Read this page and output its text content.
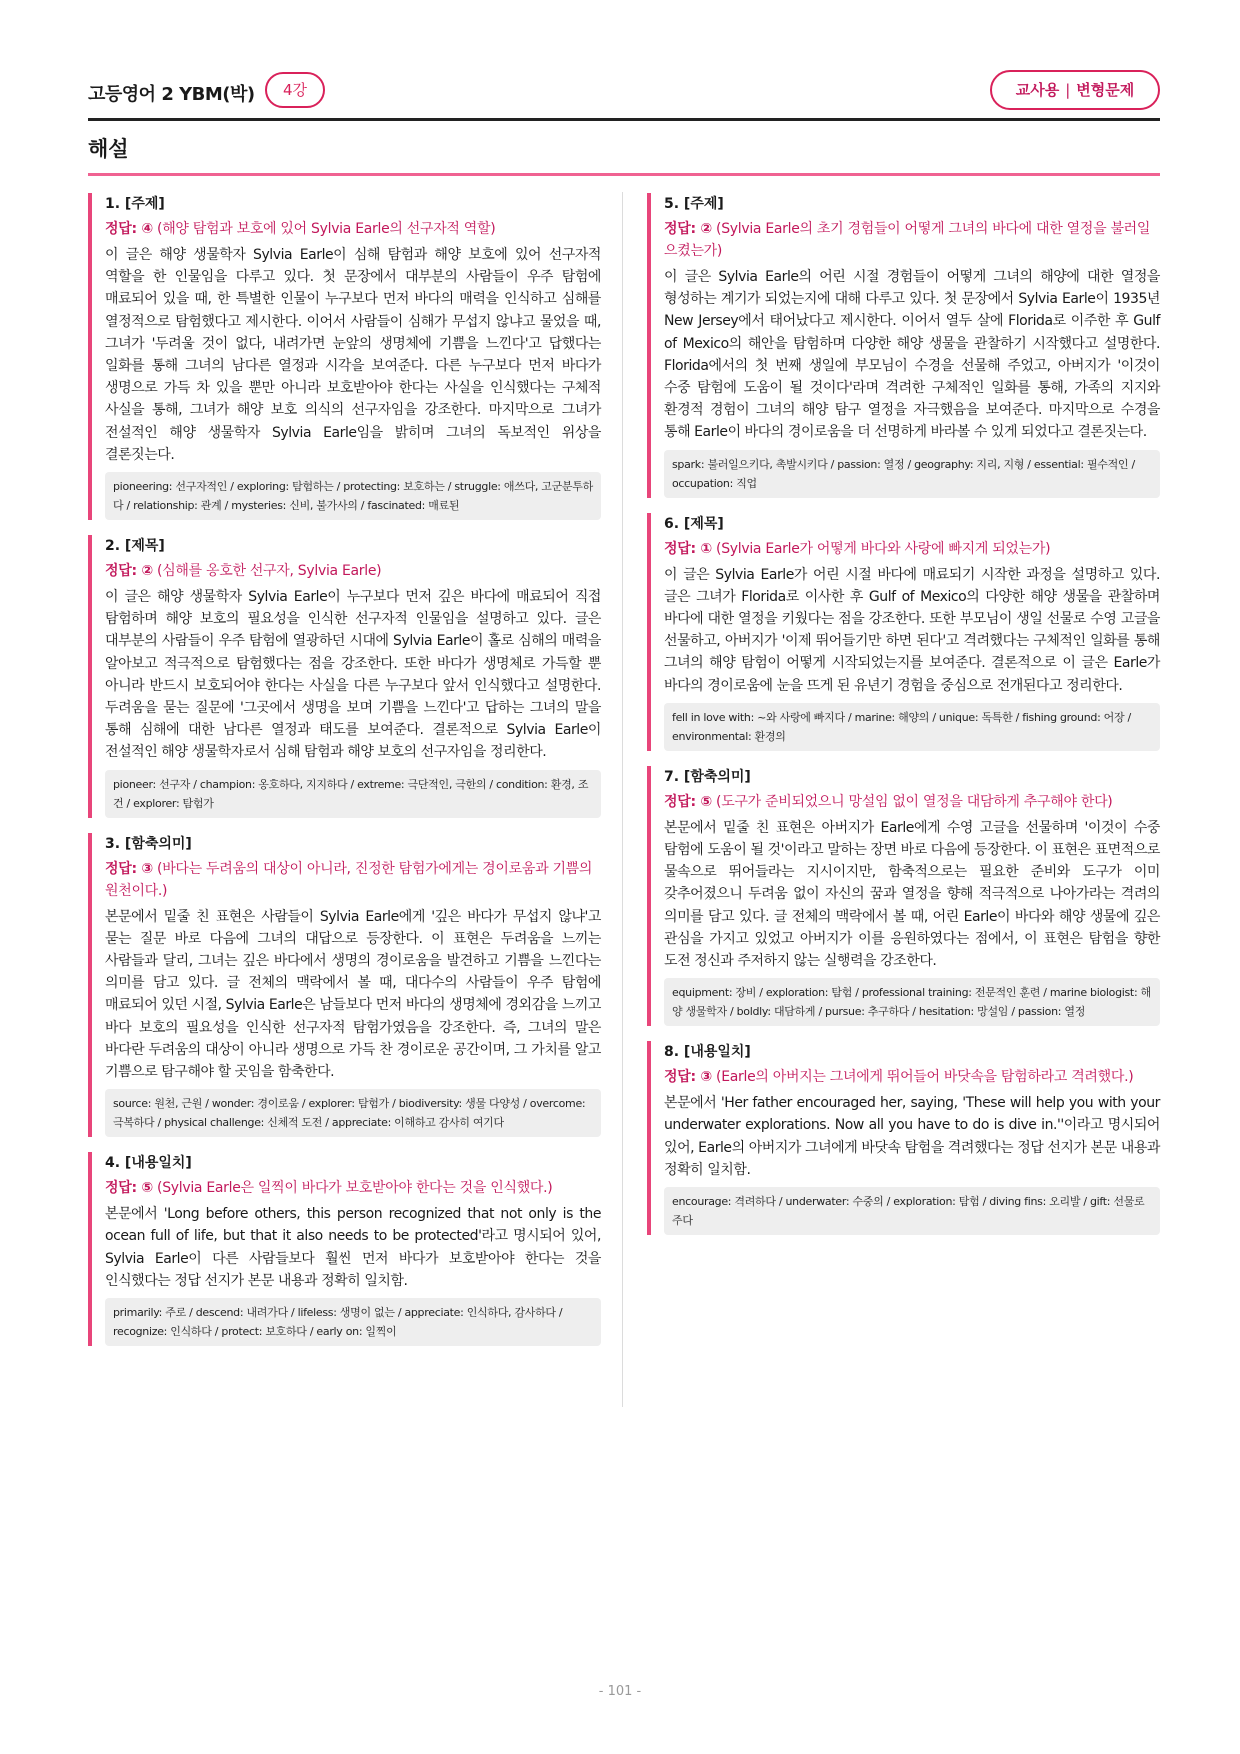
고등영어 2 YBM(박)	4강	교사용 | 변형문제
해설
1. [주제]
정답: ④ (해양 탐험과 보호에 있어 Sylvia Earle의 선구자적 역할)
이 글은 해양 생물학자 Sylvia Earle이 심해 탐험과 해양 보호에 있어 선구자적 역할을 한 인물임을 다루고 있다. 첫 문장에서 대부분의 사람들이 우주 탐험에 매료되어 있을 때, 한 특별한 인물이 누구보다 먼저 바다의 매력을 인식하고 심해를 열정적으로 탐험했다고 제시한다. 이어서 사람들이 심해가 무섭지 않냐고 물었을 때, 그녀가 '두려울 것이 없다, 내려가면 눈앞의 생명체에 기쁨을 느낀다'고 답했다는 일화를 통해 그녀의 남다른 열정과 시각을 보여준다. 다른 누구보다 먼저 바다가 생명으로 가득 차 있을 뿐만 아니라 보호받아야 한다는 사실을 인식했다는 구체적 사실을 통해, 그녀가 해양 보호 의식의 선구자임을 강조한다. 마지막으로 그녀가 전설적인 해양 생물학자 Sylvia Earle임을 밝히며 그녀의 독보적인 위상을 결론짓는다.
pioneering: 선구자적인 / exploring: 탐험하는 / protecting: 보호하는 / struggle: 애쓰다, 고군분투하다 / relationship: 관계 / mysteries: 신비, 불가사의 / fascinated: 매료된
2. [제목]
정답: ② (심해를 옹호한 선구자, Sylvia Earle)
이 글은 해양 생물학자 Sylvia Earle이 누구보다 먼저 깊은 바다에 매료되어 직접 탐험하며 해양 보호의 필요성을 인식한 선구자적 인물임을 설명하고 있다. 글은 대부분의 사람들이 우주 탐험에 열광하던 시대에 Sylvia Earle이 홀로 심해의 매력을 알아보고 적극적으로 탐험했다는 점을 강조한다. 또한 바다가 생명체로 가득할 뿐 아니라 반드시 보호되어야 한다는 사실을 다른 누구보다 앞서 인식했다고 설명한다. 두려움을 묻는 질문에 '그곳에서 생명을 보며 기쁨을 느낀다'고 답하는 그녀의 말을 통해 심해에 대한 남다른 열정과 태도를 보여준다. 결론적으로 Sylvia Earle이 전설적인 해양 생물학자로서 심해 탐험과 해양 보호의 선구자임을 정리한다.
pioneer: 선구자 / champion: 옹호하다, 지지하다 / extreme: 극단적인, 극한의 / condition: 환경, 조건 / explorer: 탐험가
3. [함축의미]
정답: ③ (바다는 두려움의 대상이 아니라, 진정한 탐험가에게는 경이로움과 기쁨의 원천이다.)
본문에서 밑줄 친 표현은 사람들이 Sylvia Earle에게 '깊은 바다가 무섭지 않냐'고 묻는 질문 바로 다음에 그녀의 대답으로 등장한다. 이 표현은 두려움을 느끼는 사람들과 달리, 그녀는 깊은 바다에서 생명의 경이로움을 발견하고 기쁨을 느낀다는 의미를 담고 있다. 글 전체의 맥락에서 볼 때, 대다수의 사람들이 우주 탐험에 매료되어 있던 시절, Sylvia Earle은 남들보다 먼저 바다의 생명체에 경외감을 느끼고 바다 보호의 필요성을 인식한 선구자적 탐험가였음을 강조한다. 즉, 그녀의 말은 바다란 두려움의 대상이 아니라 생명으로 가득 찬 경이로운 공간이며, 그 가치를 알고 기쁨으로 탐구해야 할 곳임을 함축한다.
source: 원천, 근원 / wonder: 경이로움 / explorer: 탐험가 / biodiversity: 생물 다양성 / overcome: 극복하다 / physical challenge: 신체적 도전 / appreciate: 이해하고 감사히 여기다
4. [내용일치]
정답: ⑤ (Sylvia Earle은 일찍이 바다가 보호받아야 한다는 것을 인식했다.)
본문에서 'Long before others, this person recognized that not only is the ocean full of life, but that it also needs to be protected'라고 명시되어 있어, Sylvia Earle이 다른 사람들보다 훨씬 먼저 바다가 보호받아야 한다는 것을 인식했다는 정답 선지가 본문 내용과 정확히 일치함.
primarily: 주로 / descend: 내려가다 / lifeless: 생명이 없는 / appreciate: 인식하다, 감사하다 / recognize: 인식하다 / protect: 보호하다 / early on: 일찍이
5. [주제]
정답: ② (Sylvia Earle의 초기 경험들이 어떻게 그녀의 바다에 대한 열정을 불러일으켰는가)
이 글은 Sylvia Earle의 어린 시절 경험들이 어떻게 그녀의 해양에 대한 열정을 형성하는 계기가 되었는지에 대해 다루고 있다. 첫 문장에서 Sylvia Earle이 1935년 New Jersey에서 태어났다고 제시한다. 이어서 열두 살에 Florida로 이주한 후 Gulf of Mexico의 해안을 탐험하며 다양한 해양 생물을 관찰하기 시작했다고 설명한다. Florida에서의 첫 번째 생일에 부모님이 수경을 선물해 주었고, 아버지가 '이것이 수중 탐험에 도움이 될 것이다'라며 격려한 구체적인 일화를 통해, 가족의 지지와 환경적 경험이 그녀의 해양 탐구 열정을 자극했음을 보여준다. 마지막으로 수경을 통해 Earle이 바다의 경이로움을 더 선명하게 바라볼 수 있게 되었다고 결론짓는다.
spark: 불러일으키다, 촉발시키다 / passion: 열정 / geography: 지리, 지형 / essential: 필수적인 / occupation: 직업
6. [제목]
정답: ① (Sylvia Earle가 어떻게 바다와 사랑에 빠지게 되었는가)
이 글은 Sylvia Earle가 어린 시절 바다에 매료되기 시작한 과정을 설명하고 있다. 글은 그녀가 Florida로 이사한 후 Gulf of Mexico의 다양한 해양 생물을 관찰하며 바다에 대한 열정을 키웠다는 점을 강조한다. 또한 부모님이 생일 선물로 수영 고글을 선물하고, 아버지가 '이제 뛰어들기만 하면 된다'고 격려했다는 구체적인 일화를 통해 그녀의 해양 탐험이 어떻게 시작되었는지를 보여준다. 결론적으로 이 글은 Earle가 바다의 경이로움에 눈을 뜨게 된 유년기 경험을 중심으로 전개된다고 정리한다.
fell in love with: ~와 사랑에 빠지다 / marine: 해양의 / unique: 독특한 / fishing ground: 어장 / environmental: 환경의
7. [함축의미]
정답: ⑤ (도구가 준비되었으니 망설임 없이 열정을 대담하게 추구해야 한다)
본문에서 밑줄 친 표현은 아버지가 Earle에게 수영 고글을 선물하며 '이것이 수중 탐험에 도움이 될 것'이라고 말하는 장면 바로 다음에 등장한다. 이 표현은 표면적으로 물속으로 뛰어들라는 지시이지만, 함축적으로는 필요한 준비와 도구가 이미 갖추어졌으니 두려움 없이 자신의 꿈과 열정을 향해 적극적으로 나아가라는 격려의 의미를 담고 있다. 글 전체의 맥락에서 볼 때, 어린 Earle이 바다와 해양 생물에 깊은 관심을 가지고 있었고 아버지가 이를 응원하였다는 점에서, 이 표현은 탐험을 향한 도전 정신과 주저하지 않는 실행력을 강조한다.
equipment: 장비 / exploration: 탐험 / professional training: 전문적인 훈련 / marine biologist: 해양 생물학자 / boldly: 대담하게 / pursue: 추구하다 / hesitation: 망설임 / passion: 열정
8. [내용일치]
정답: ③ (Earle의 아버지는 그녀에게 뛰어들어 바닷속을 탐험하라고 격려했다.)
본문에서 'Her father encouraged her, saying, 'These will help you with your underwater explorations. Now all you have to do is dive in.''이라고 명시되어 있어, Earle의 아버지가 그녀에게 바닷속 탐험을 격려했다는 정답 선지가 본문 내용과 정확히 일치함.
encourage: 격려하다 / underwater: 수중의 / exploration: 탐험 / diving fins: 오리발 / gift: 선물로 주다
- 101 -
